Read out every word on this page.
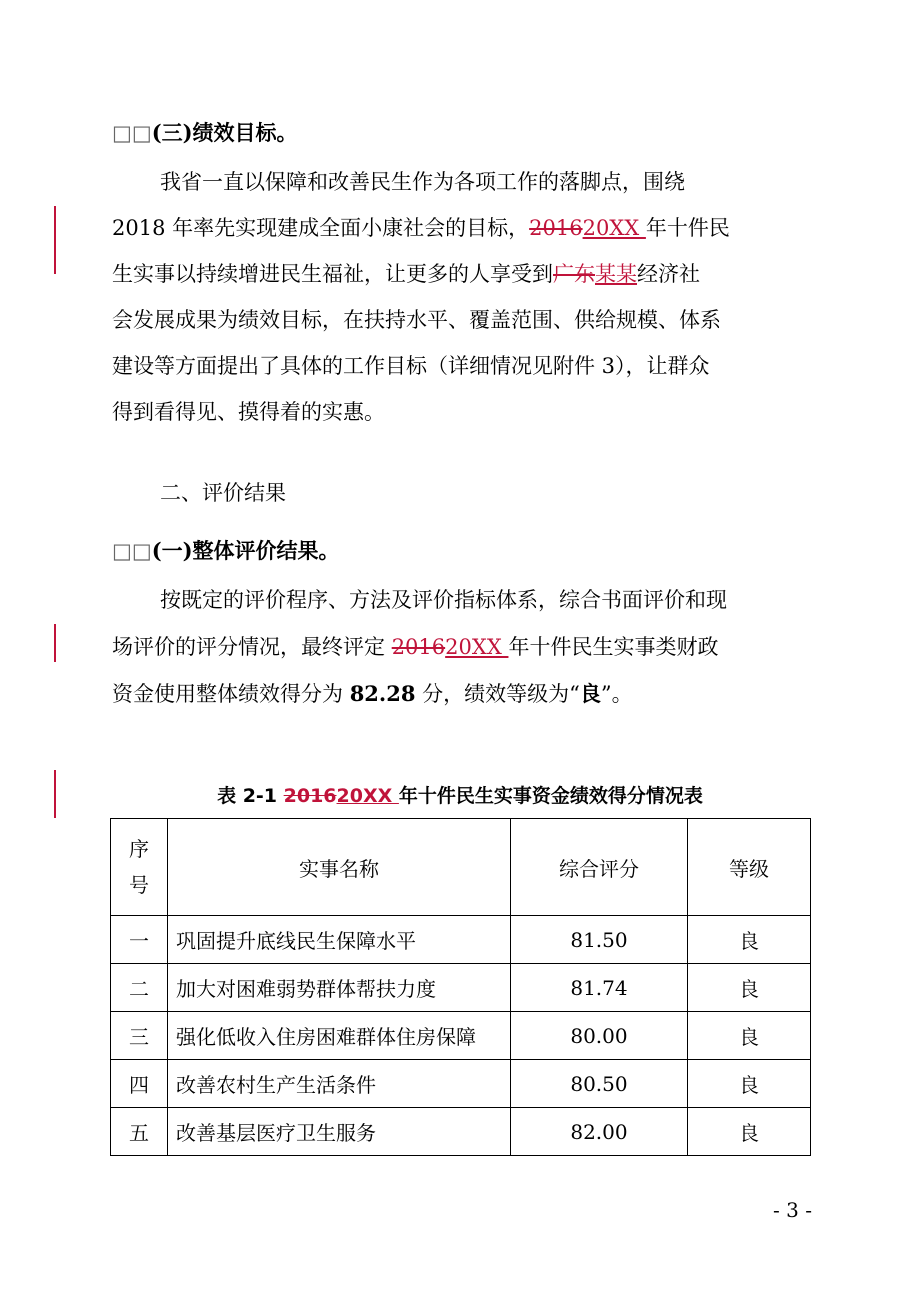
□□(三)绩效目标。
我省一直以保障和改善民生作为各项工作的落脚点，围绕
2018 年率先实现建成全面小康社会的目标，201620XX 年十件民
生实事以持续增进民生福祉，让更多的人享受到广东某某经济社
会发展成果为绩效目标，在扶持水平、覆盖范围、供给规模、体系
建设等方面提出了具体的工作目标（详细情况见附件 3），让群众
得到看得见、摸得着的实惠。
二、评价结果
□□(一)整体评价结果。
按既定的评价程序、方法及评价指标体系，综合书面评价和现
场评价的评分情况，最终评定 201620XX 年十件民生实事类财政
资金使用整体绩效得分为 82.28 分，绩效等级为“良”。
表 2-1 201620XX 年十件民生实事资金绩效得分情况表
序
号	实事名称	综合评分	等级
一	巩固提升底线民生保障水平	81.50	良
二	加大对困难弱势群体帮扶力度	81.74	良
三	强化低收入住房困难群体住房保障	80.00	良
四	改善农村生产生活条件	80.50	良
五	改善基层医疗卫生服务	82.00	良
- 3 -
